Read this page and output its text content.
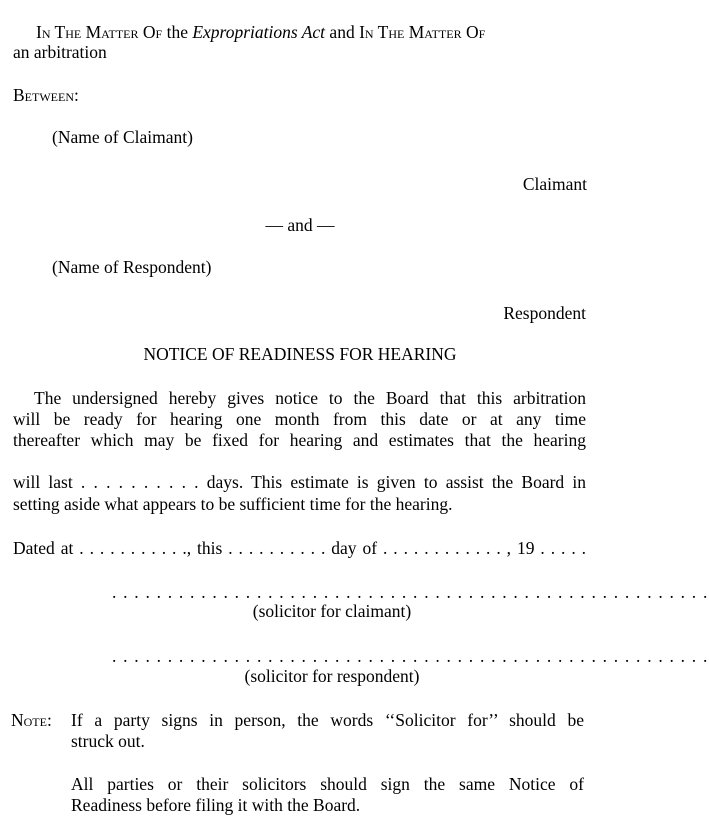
In The Matter Of the Expropriations Act and In The Matter Of
an arbitration
Between:
(Name of Claimant)
Claimant
— and —
(Name of Respondent)
Respondent
NOTICE OF READINESS FOR HEARING
The undersigned hereby gives notice to the Board that this arbitration
will be ready for hearing one month from this date or at any time
thereafter which may be fixed for hearing and estimates that the hearing
will last . . . . . . . . . . days. This estimate is given to assist the Board in
setting aside what appears to be sufficient time for the hearing.
Dated at . . . . . . . . . . ., this . . . . . . . . . . day of . . . . . . . . . . . . , 19 . . . . .
. . . . . . . . . . . . . . . . . . . . . . . . . . . . . . . . . . . . . . . . . . . . . . . . . . . . . .
(solicitor for claimant)
. . . . . . . . . . . . . . . . . . . . . . . . . . . . . . . . . . . . . . . . . . . . . . . . . . . . . .
(solicitor for respondent)
Note: If a party signs in person, the words ‘‘Solicitor for’’ should be
struck out.
All parties or their solicitors should sign the same Notice of
Readiness before filing it with the Board.
